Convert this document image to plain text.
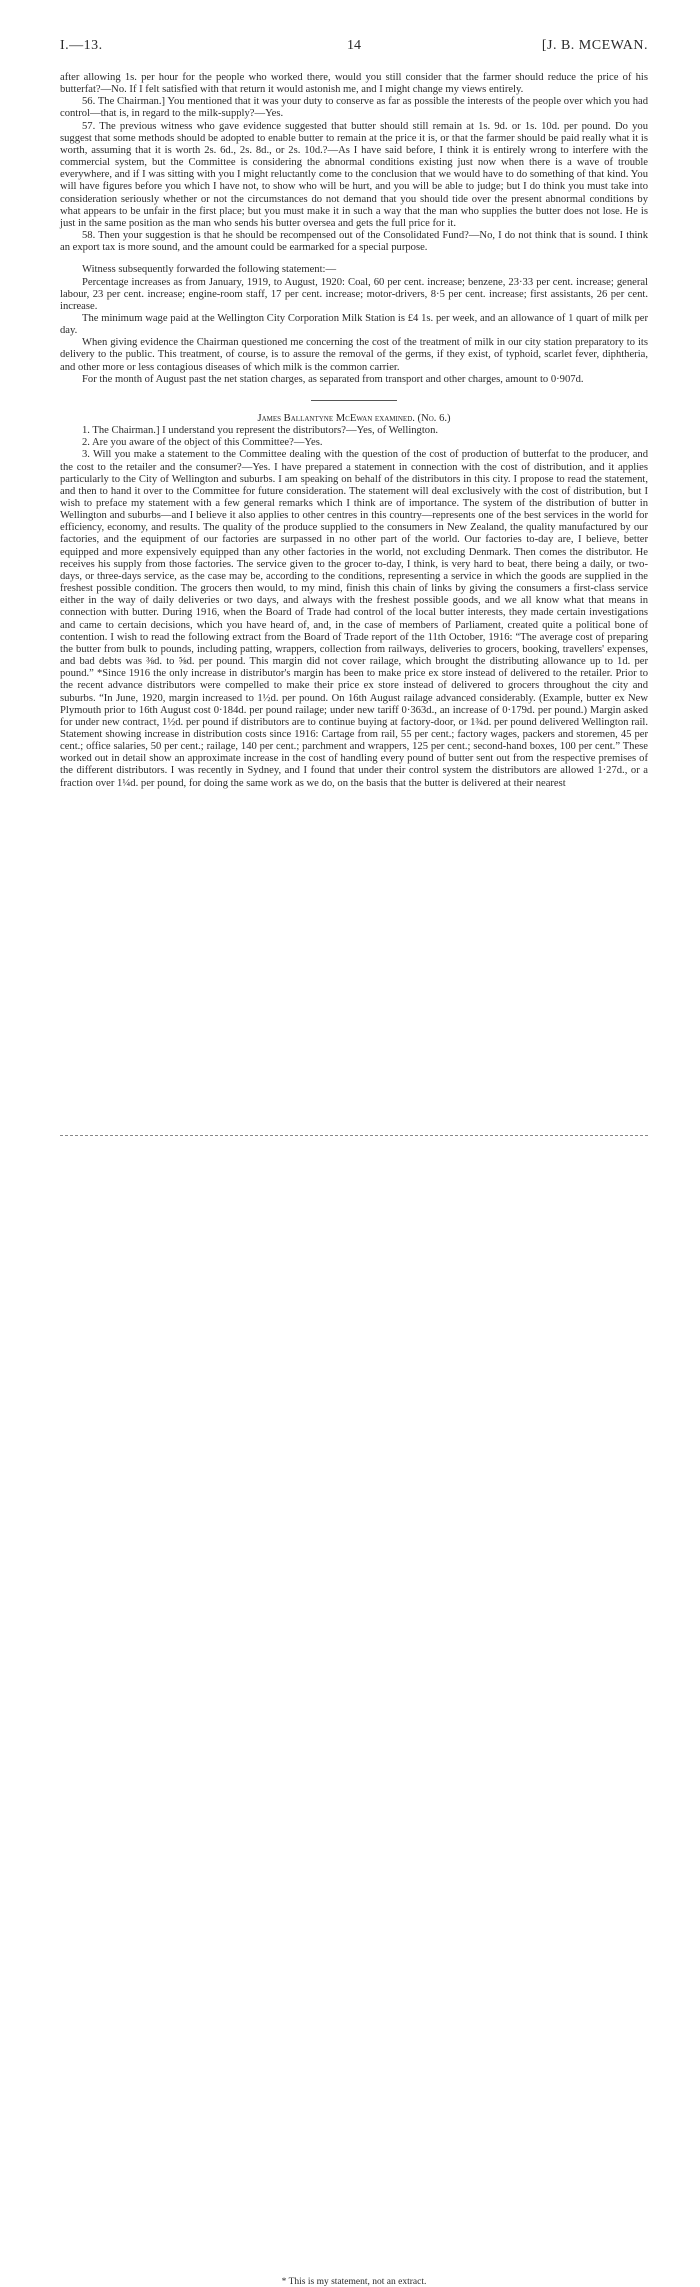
I.—13.	14	[J. B. MCEWAN.

after allowing 1s. per hour for the people who worked there, would you still consider that the farmer should reduce the price of his butterfat?—No. If I felt satisfied with that return it would astonish me, and I might change my views entirely.

56. The Chairman.] You mentioned that it was your duty to conserve as far as possible the interests of the people over which you had control—that is, in regard to the milk-supply?—Yes.

57. The previous witness who gave evidence suggested that butter should still remain at 1s. 9d. or 1s. 10d. per pound. Do you suggest that some methods should be adopted to enable butter to remain at the price it is, or that the farmer should be paid really what it is worth, assuming that it is worth 2s. 6d., 2s. 8d., or 2s. 10d.?—As I have said before, I think it is entirely wrong to interfere with the commercial system, but the Committee is considering the abnormal conditions existing just now when there is a wave of trouble everywhere, and if I was sitting with you I might reluctantly come to the conclusion that we would have to do something of that kind. You will have figures before you which I have not, to show who will be hurt, and you will be able to judge; but I do think you must take into consideration seriously whether or not the circumstances do not demand that you should tide over the present abnormal conditions by what appears to be unfair in the first place; but you must make it in such a way that the man who supplies the butter does not lose. He is just in the same position as the man who sends his butter oversea and gets the full price for it.

58. Then your suggestion is that he should be recompensed out of the Consolidated Fund?—No, I do not think that is sound. I think an export tax is more sound, and the amount could be earmarked for a special purpose.

Witness subsequently forwarded the following statement:—

Percentage increases as from January, 1919, to August, 1920: Coal, 60 per cent. increase; benzene, 23·33 per cent. increase; general labour, 23 per cent. increase; engine-room staff, 17 per cent. increase; motor-drivers, 8·5 per cent. increase; first assistants, 26 per cent. increase.

The minimum wage paid at the Wellington City Corporation Milk Station is £4 1s. per week, and an allowance of 1 quart of milk per day.

When giving evidence the Chairman questioned me concerning the cost of the treatment of milk in our city station preparatory to its delivery to the public. This treatment, of course, is to assure the removal of the germs, if they exist, of typhoid, scarlet fever, diphtheria, and other more or less contagious diseases of which milk is the common carrier.

For the month of August past the net station charges, as separated from transport and other charges, amount to 0·907d.

James Ballantyne McEwan examined. (No. 6.)

1. The Chairman.] I understand you represent the distributors?—Yes, of Wellington.

2. Are you aware of the object of this Committee?—Yes.

3. Will you make a statement to the Committee dealing with the question of the cost of production of butterfat to the producer, and the cost to the retailer and the consumer?—Yes. I have prepared a statement in connection with the cost of distribution, and it applies particularly to the City of Wellington and suburbs. I am speaking on behalf of the distributors in this city. I propose to read the statement, and then to hand it over to the Committee for future consideration. The statement will deal exclusively with the cost of distribution, but I wish to preface my statement with a few general remarks which I think are of importance. The system of the distribution of butter in Wellington and suburbs—and I believe it also applies to other centres in this country—represents one of the best services in the world for efficiency, economy, and results. The quality of the produce supplied to the consumers in New Zealand, the quality manufactured by our factories, and the equipment of our factories are surpassed in no other part of the world. Our factories to-day are, I believe, better equipped and more expensively equipped than any other factories in the world, not excluding Denmark. Then comes the distributor. He receives his supply from those factories. The service given to the grocer to-day, I think, is very hard to beat, there being a daily, or two-days, or three-days service, as the case may be, according to the conditions, representing a service in which the goods are supplied in the freshest possible condition. The grocers then would, to my mind, finish this chain of links by giving the consumers a first-class service either in the way of daily deliveries or two days, and always with the freshest possible goods, and we all know what that means in connection with butter. During 1916, when the Board of Trade had control of the local butter interests, they made certain investigations and came to certain decisions, which you have heard of, and, in the case of members of Parliament, created quite a political bone of contention. I wish to read the following extract from the Board of Trade report of the 11th October, 1916: “The average cost of preparing the butter from bulk to pounds, including patting, wrappers, collection from railways, deliveries to grocers, booking, travellers' expenses, and bad debts was ⅜d. to ⅝d. per pound. This margin did not cover railage, which brought the distributing allowance up to 1d. per pound.” *Since 1916 the only increase in distributor's margin has been to make price ex store instead of delivered to the retailer. Prior to the recent advance distributors were compelled to make their price ex store instead of delivered to grocers throughout the city and suburbs. “In June, 1920, margin increased to 1½d. per pound. On 16th August railage advanced considerably. (Example, butter ex New Plymouth prior to 16th August cost 0·184d. per pound railage; under new tariff 0·363d., an increase of 0·179d. per pound.) Margin asked for under new contract, 1½d. per pound if distributors are to continue buying at factory-door, or 1¾d. per pound delivered Wellington rail. Statement showing increase in distribution costs since 1916: Cartage from rail, 55 per cent.; factory wages, packers and storemen, 45 per cent.; office salaries, 50 per cent.; railage, 140 per cent.; parchment and wrappers, 125 per cent.; second-hand boxes, 100 per cent.” These worked out in detail show an approximate increase in the cost of handling every pound of butter sent out from the respective premises of the different distributors. I was recently in Sydney, and I found that under their control system the distributors are allowed 1·27d., or a fraction over 1¼d. per pound, for doing the same work as we do, on the basis that the butter is delivered at their nearest

* This is my statement, not an extract.
